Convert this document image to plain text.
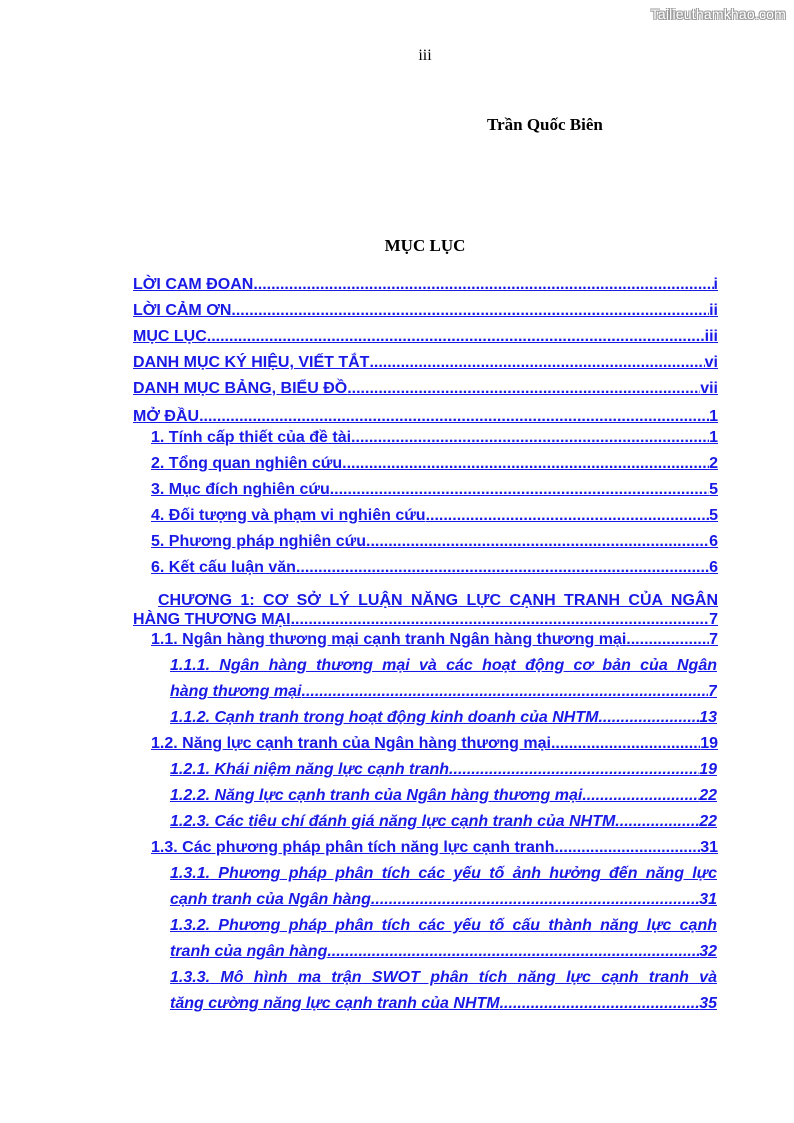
Tailieuthamkhao.com
iii
Trần Quốc Biên
MỤC LỤC
LỜI CAM ĐOAN .....	i
LỜI CẢM ƠN .....	ii
MỤC LỤC .....	iii
DANH MỤC KÝ HIỆU, VIẾT TẮT .....	vi
DANH MỤC BẢNG, BIỂU ĐỒ .....	vii
MỞ ĐẦU .....	1
1. Tính cấp thiết của đề tài .....	1
2. Tổng quan nghiên cứu .....	2
3. Mục đích nghiên cứu .....	5
4. Đối tượng và phạm vi nghiên cứu .....	5
5. Phương pháp nghiên cứu .....	6
6. Kết cấu luận văn .....	6
CHƯƠNG 1: CƠ SỞ LÝ LUẬN NĂNG LỰC CẠNH TRANH CỦA NGÂN
HÀNG THƯƠNG MẠI .....	7
1.1. Ngân hàng thương mại cạnh tranh Ngân hàng thương mại .....	7
1.1.1. Ngân hàng thương mại và các hoạt động cơ bản của Ngân
hàng thương mại .....	7
1.1.2. Cạnh tranh trong hoạt động kinh doanh của NHTM .....	13
1.2. Năng lực cạnh tranh của Ngân hàng thương mại .....	19
1.2.1. Khái niệm năng lực cạnh tranh .....	19
1.2.2. Năng lực cạnh tranh của Ngân hàng thương mại .....	22
1.2.3. Các tiêu chí đánh giá năng lực cạnh tranh của NHTM .....	22
1.3. Các phương pháp phân tích năng lực cạnh tranh .....	31
1.3.1. Phương pháp phân tích các yếu tố ảnh hưởng đến năng lực
cạnh tranh của Ngân hàng .....	31
1.3.2. Phương pháp phân tích các yếu tố cấu thành năng lực cạnh
tranh của ngân hàng .....	32
1.3.3. Mô hình ma trận SWOT phân tích năng lực cạnh tranh và
tăng cường năng lực cạnh tranh của NHTM .....	35
